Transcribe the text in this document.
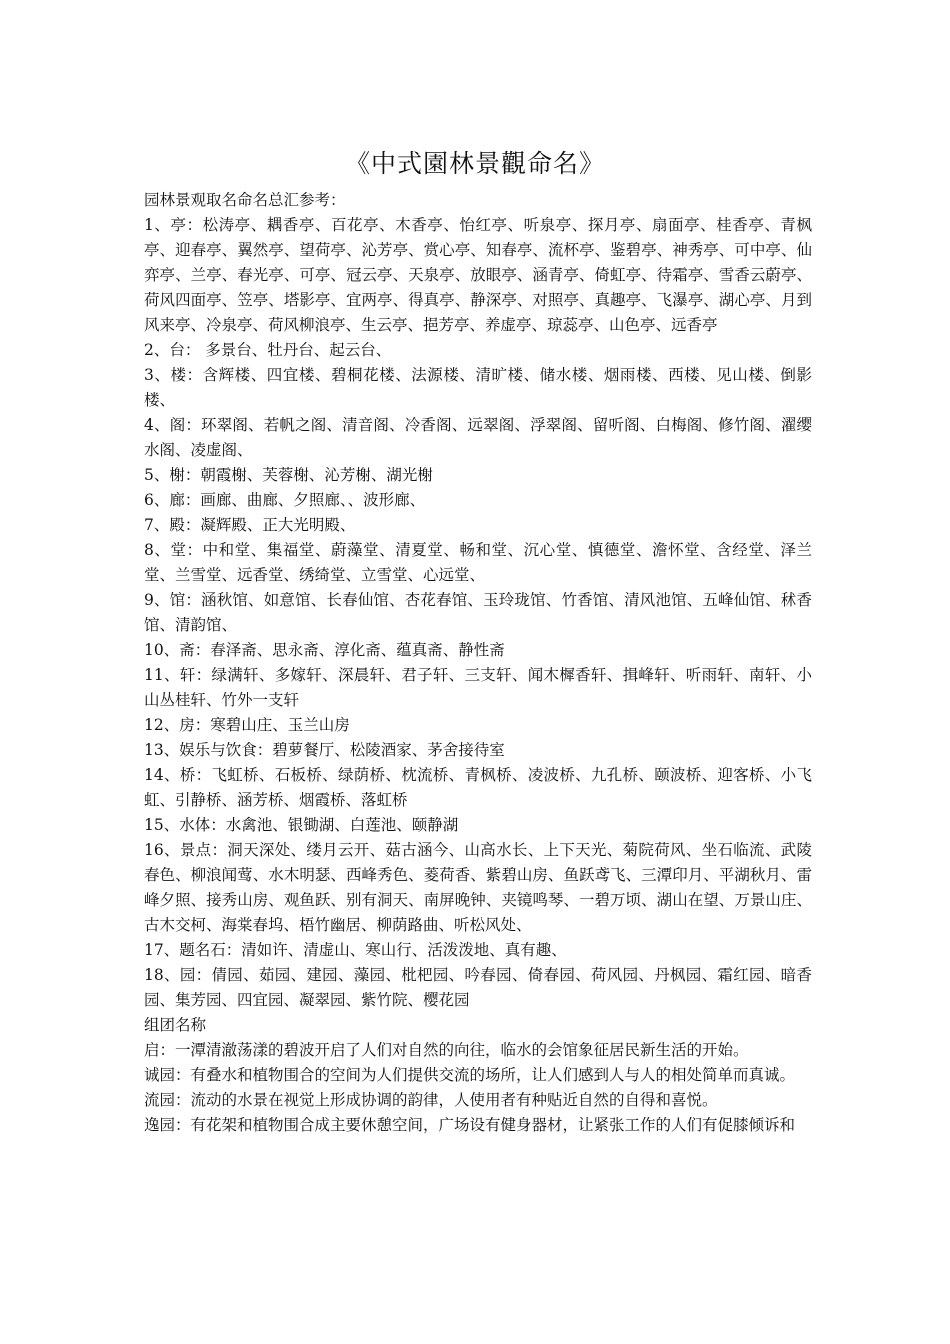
《中式園林景觀命名》

园林景观取名命名总汇参考：

1、亭：松涛亭、耦香亭、百花亭、木香亭、怡红亭、听泉亭、探月亭、扇面亭、桂香亭、青枫亭、迎春亭、翼然亭、望荷亭、沁芳亭、赏心亭、知春亭、流杯亭、鉴碧亭、神秀亭、可中亭、仙弈亭、兰亭、春光亭、可亭、冠云亭、天泉亭、放眼亭、涵青亭、倚虹亭、待霜亭、雪香云蔚亭、荷风四面亭、笠亭、塔影亭、宜两亭、得真亭、静深亭、对照亭、真趣亭、飞瀑亭、湖心亭、月到风来亭、冷泉亭、荷风柳浪亭、生云亭、挹芳亭、养虚亭、琼蕊亭、山色亭、远香亭

2、台： 多景台、牡丹台、起云台、

3、楼：含辉楼、四宜楼、碧桐花楼、法源楼、清旷楼、储水楼、烟雨楼、西楼、见山楼、倒影楼、

4、阁：环翠阁、若帆之阁、清音阁、冷香阁、远翠阁、浮翠阁、留听阁、白梅阁、修竹阁、濯缨水阁、凌虚阁、

5、榭：朝霞榭、芙蓉榭、沁芳榭、湖光榭

6、廊：画廊、曲廊、夕照廊、、波形廊、

7、殿：凝辉殿、正大光明殿、

8、堂：中和堂、集福堂、蔚藻堂、清夏堂、畅和堂、沉心堂、慎德堂、澹怀堂、含经堂、泽兰堂、兰雪堂、远香堂、绣绮堂、立雪堂、心远堂、

9、馆：涵秋馆、如意馆、长春仙馆、杏花春馆、玉玲珑馆、竹香馆、清风池馆、五峰仙馆、秫香馆、清韵馆、

10、斋：春泽斋、思永斋、淳化斋、蕴真斋、静性斋

11、轩：绿满轩、多嫁轩、深晨轩、君子轩、三支轩、闻木樨香轩、揖峰轩、听雨轩、南轩、小山丛桂轩、竹外一支轩

12、房：寒碧山庄、玉兰山房

13、娱乐与饮食：碧萝餐厅、松陵酒家、茅舍接待室

14、桥：飞虹桥、石板桥、绿荫桥、枕流桥、青枫桥、凌波桥、九孔桥、颐波桥、迎客桥、小飞虹、引静桥、涵芳桥、烟霞桥、落虹桥

15、水体：水禽池、银锄湖、白莲池、颐静湖

16、景点：洞天深处、缕月云开、菇古涵今、山高水长、上下天光、菊院荷风、坐石临流、武陵春色、柳浪闻莺、水木明瑟、西峰秀色、菱荷香、紫碧山房、鱼跃鸢飞、三潭印月、平湖秋月、雷峰夕照、接秀山房、观鱼跃、别有洞天、南屏晚钟、夹镜鸣琴、一碧万顷、湖山在望、万景山庄、古木交柯、海棠春坞、梧竹幽居、柳荫路曲、听松风处、

17、题名石：清如许、清虚山、寒山行、活泼泼地、真有趣、

18、园：倩园、茹园、建园、藻园、枇杷园、吟春园、倚春园、荷风园、丹枫园、霜红园、暗香园、集芳园、四宜园、凝翠园、紫竹院、樱花园

组团名称

启：一潭清澈荡漾的碧波开启了人们对自然的向往，临水的会馆象征居民新生活的开始。

诚园：有叠水和植物围合的空间为人们提供交流的场所，让人们感到人与人的相处简单而真诚。

流园：流动的水景在视觉上形成协调的韵律，人使用者有种贴近自然的自得和喜悦。

逸园：有花架和植物围合成主要休憩空间，广场设有健身器材，让紧张工作的人们有促膝倾诉和
